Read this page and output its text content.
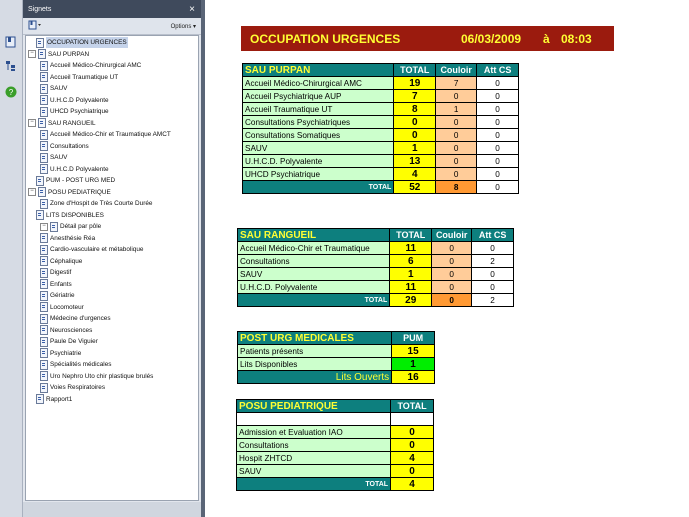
?
Signets	×
Options ▾
OCCUPATION URGENCES
−	SAU PURPAN
Accueil Médico-Chirurgical AMC
Accueil Traumatique UT
SAUV
U.H.C.D Polyvalente
UHCD Psychiatrique
−	SAU RANGUEIL
Accueil Médico-Chir et Traumatique AMCT
Consultations
SAUV
U.H.C.D Polyvalente
PUM - POST URG MED
−	POSU PEDIATRIQUE
Zone d'Hospit de Très Courte Durée
LITS DISPONIBLES
−	Détail par pôle
Anesthésie Réa
Cardio-vasculaire et métabolique
Céphalique
Digestif
Enfants
Gériatrie
Locomoteur
Médecine d'urgences
Neurosciences
Paule De Viguier
Psychiatrie
Spécialités médicales
Uro Nephro Uto chir plastique brulés
Voies Respiratoires
Rapport1
OCCUPATION URGENCES	06/03/2009 à 08:03
SAU PURPAN	TOTAL	Couloir	Att CS
Accueil Médico-Chirurgical AMC	19	7	0
Accueil Psychiatrique AUP	7	0	0
Accueil Traumatique UT	8	1	0
Consultations Psychiatriques	0	0	0
Consultations Somatiques	0	0	0
SAUV	1	0	0
U.H.C.D. Polyvalente	13	0	0
UHCD Psychiatrique	4	0	0
TOTAL	52	8	0
SAU RANGUEIL	TOTAL	Couloir	Att CS
Accueil Médico-Chir et Traumatique	11	0	0
Consultations	6	0	2
SAUV	1	0	0
U.H.C.D. Polyvalente	11	0	0
TOTAL	29	0	2
POST URG MEDICALES	PUM
Patients présents	15
Lits Disponibles	1
Lits Ouverts	16
POSU PEDIATRIQUE	TOTAL

Admission et Evaluation IAO	0
Consultations	0
Hospit ZHTCD	4
SAUV	0
TOTAL	4
